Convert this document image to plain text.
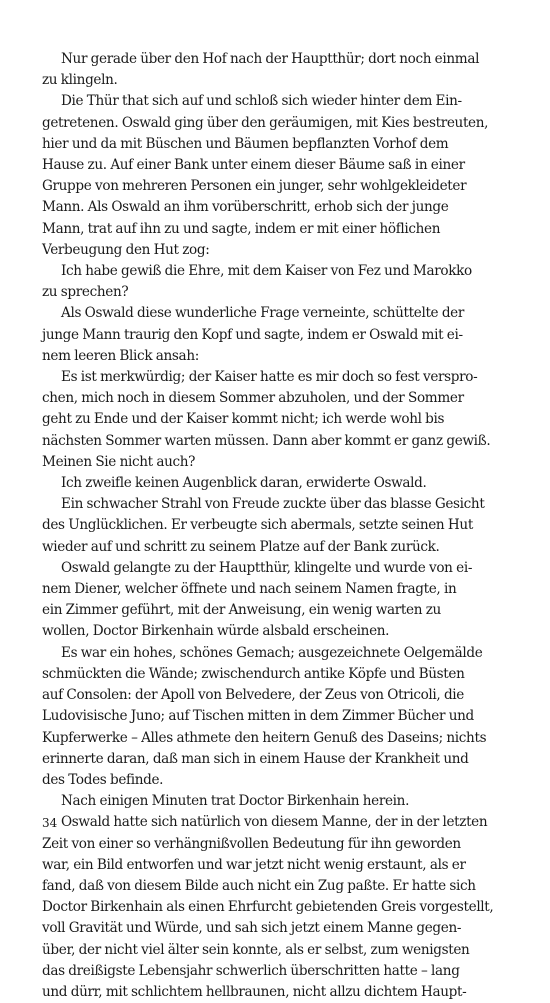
Nur gerade über den Hof nach der Hauptthür; dort noch einmal
zu klingeln.

Die Thür that sich auf und schloß sich wieder hinter dem Ein-
getretenen. Oswald ging über den geräumigen, mit Kies bestreuten,
hier und da mit Büschen und Bäumen bepflanzten Vorhof dem
Hause zu. Auf einer Bank unter einem dieser Bäume saß in einer
Gruppe von mehreren Personen ein junger, sehr wohlgekleideter
Mann. Als Oswald an ihm vorüberschritt, erhob sich der junge
Mann, trat auf ihn zu und sagte, indem er mit einer höflichen
Verbeugung den Hut zog:

Ich habe gewiß die Ehre, mit dem Kaiser von Fez und Marokko
zu sprechen?

Als Oswald diese wunderliche Frage verneinte, schüttelte der
junge Mann traurig den Kopf und sagte, indem er Oswald mit ei-
nem leeren Blick ansah:

Es ist merkwürdig; der Kaiser hatte es mir doch so fest verspro-
chen, mich noch in diesem Sommer abzuholen, und der Sommer
geht zu Ende und der Kaiser kommt nicht; ich werde wohl bis
nächsten Sommer warten müssen. Dann aber kommt er ganz gewiß.
Meinen Sie nicht auch?

Ich zweifle keinen Augenblick daran, erwiderte Oswald.

Ein schwacher Strahl von Freude zuckte über das blasse Gesicht
des Unglücklichen. Er verbeugte sich abermals, setzte seinen Hut
wieder auf und schritt zu seinem Platze auf der Bank zurück.

Oswald gelangte zu der Hauptthür, klingelte und wurde von ei-
nem Diener, welcher öffnete und nach seinem Namen fragte, in
ein Zimmer geführt, mit der Anweisung, ein wenig warten zu
wollen, Doctor Birkenhain würde alsbald erscheinen.

Es war ein hohes, schönes Gemach; ausgezeichnete Oelgemälde
schmückten die Wände; zwischendurch antike Köpfe und Büsten
auf Consolen: der Apoll von Belvedere, der Zeus von Otricoli, die
Ludovisische Juno; auf Tischen mitten in dem Zimmer Bücher und
Kupferwerke – Alles athmete den heitern Genuß des Daseins; nichts
erinnerte daran, daß man sich in einem Hause der Krankheit und
des Todes befinde.

Nach einigen Minuten trat Doctor Birkenhain herein.

Oswald hatte sich natürlich von diesem Manne, der in der letzten
Zeit von einer so verhängnißvollen Bedeutung für ihn geworden
war, ein Bild entworfen und war jetzt nicht wenig erstaunt, als er
fand, daß von diesem Bilde auch nicht ein Zug paßte. Er hatte sich
Doctor Birkenhain als einen Ehrfurcht gebietenden Greis vorgestellt,
voll Gravität und Würde, und sah sich jetzt einem Manne gegen-
über, der nicht viel älter sein konnte, als er selbst, zum wenigsten
das dreißigste Lebensjahr schwerlich überschritten hatte – lang
und dürr, mit schlichtem hellbraunen, nicht allzu dichtem Haupt-

34
